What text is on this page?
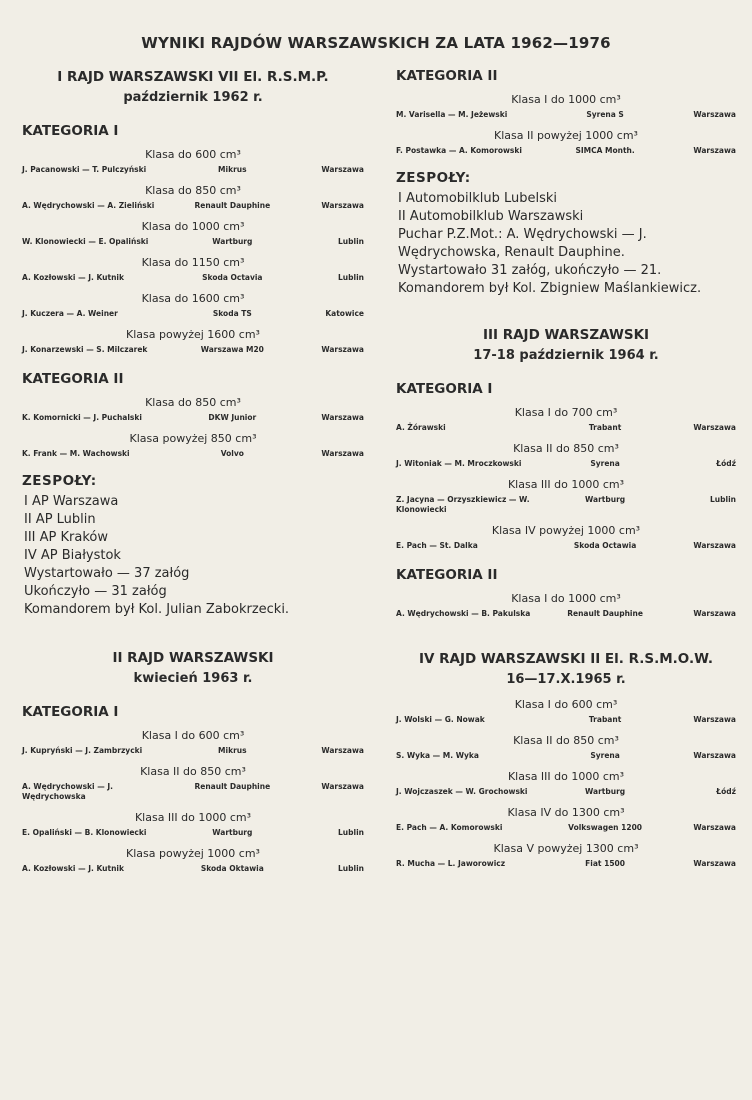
WYNIKI RAJDÓW WARSZAWSKICH ZA LATA 1962—1976
I RAJD WARSZAWSKI VII El. R.S.M.P.
październik 1962 r.
KATEGORIA I
Klasa do 600 cm³
J. Pacanowski — T. Pulczyński	Mikrus	Warszawa
Klasa do 850 cm³
A. Wędrychowski — A. Zieliński	Renault Dauphine	Warszawa
Klasa do 1000 cm³
W. Klonowiecki — E. Opaliński	Wartburg	Lublin
Klasa do 1150 cm³
A. Kozłowski — J. Kutnik	Skoda Octavia	Lublin
Klasa do 1600 cm³
J. Kuczera — A. Weiner	Skoda TS	Katowice
Klasa powyżej 1600 cm³
J. Konarzewski — S. Milczarek	Warszawa M20	Warszawa
KATEGORIA II
Klasa do 850 cm³
K. Komornicki — J. Puchalski	DKW Junior	Warszawa
Klasa powyżej 850 cm³
K. Frank — M. Wachowski	Volvo	Warszawa
ZESPOŁY:
I AP Warszawa
II AP Lublin
III AP Kraków
IV AP Białystok
Wystartowało — 37 załóg
Ukończyło — 31 załóg
Komandorem był Kol. Julian Zabokrzecki.
II RAJD WARSZAWSKI
kwiecień 1963 r.
KATEGORIA I
Klasa I do 600 cm³
J. Kupryński — J. Zambrzycki	Mikrus	Warszawa
Klasa II do 850 cm³
A. Wędrychowski — J. Wędrychowska
Renault Dauphine	Warszawa
Klasa III do 1000 cm³
E. Opaliński — B. Klonowiecki	Wartburg	Lublin
Klasa powyżej 1000 cm³
A. Kozłowski — J. Kutnik	Skoda Oktawia	Lublin
KATEGORIA II
Klasa I do 1000 cm³
M. Varisella — M. Jeżewski	Syrena S	Warszawa
Klasa II powyżej 1000 cm³
F. Postawka — A. Komorowski	SIMCA Month.	Warszawa
ZESPOŁY:
I Automobilklub Lubelski
II Automobilklub Warszawski
Puchar P.Z.Mot.: A. Wędrychowski — J. Wędrychowska, Renault Dauphine.
Wystartowało 31 załóg, ukończyło — 21.
Komandorem był Kol. Zbigniew Maślankiewicz.
III RAJD WARSZAWSKI
17-18 październik 1964 r.
KATEGORIA I
Klasa I do 700 cm³
A. Żórawski	Trabant	Warszawa
Klasa II do 850 cm³
J. Witoniak — M. Mroczkowski	Syrena	Łódź
Klasa III do 1000 cm³
Z. Jacyna — Orzyszkiewicz — W. Klonowiecki
Wartburg	Lublin
Klasa IV powyżej 1000 cm³
E. Pach — St. Dalka	Skoda Octawia	Warszawa
KATEGORIA II
Klasa I do 1000 cm³
A. Wędrychowski — B. Pakulska	Renault Dauphine	Warszawa
IV RAJD WARSZAWSKI II El. R.S.M.O.W.
16—17.X.1965 r.
Klasa I do 600 cm³
J. Wolski — G. Nowak	Trabant	Warszawa
Klasa II do 850 cm³
S. Wyka — M. Wyka	Syrena	Warszawa
Klasa III do 1000 cm³
J. Wojczaszek — W. Grochowski	Wartburg	Łódź
Klasa IV do 1300 cm³
E. Pach — A. Komorowski	Volkswagen 1200	Warszawa
Klasa V powyżej 1300 cm³
R. Mucha — L. Jaworowicz	Fiat 1500	Warszawa
